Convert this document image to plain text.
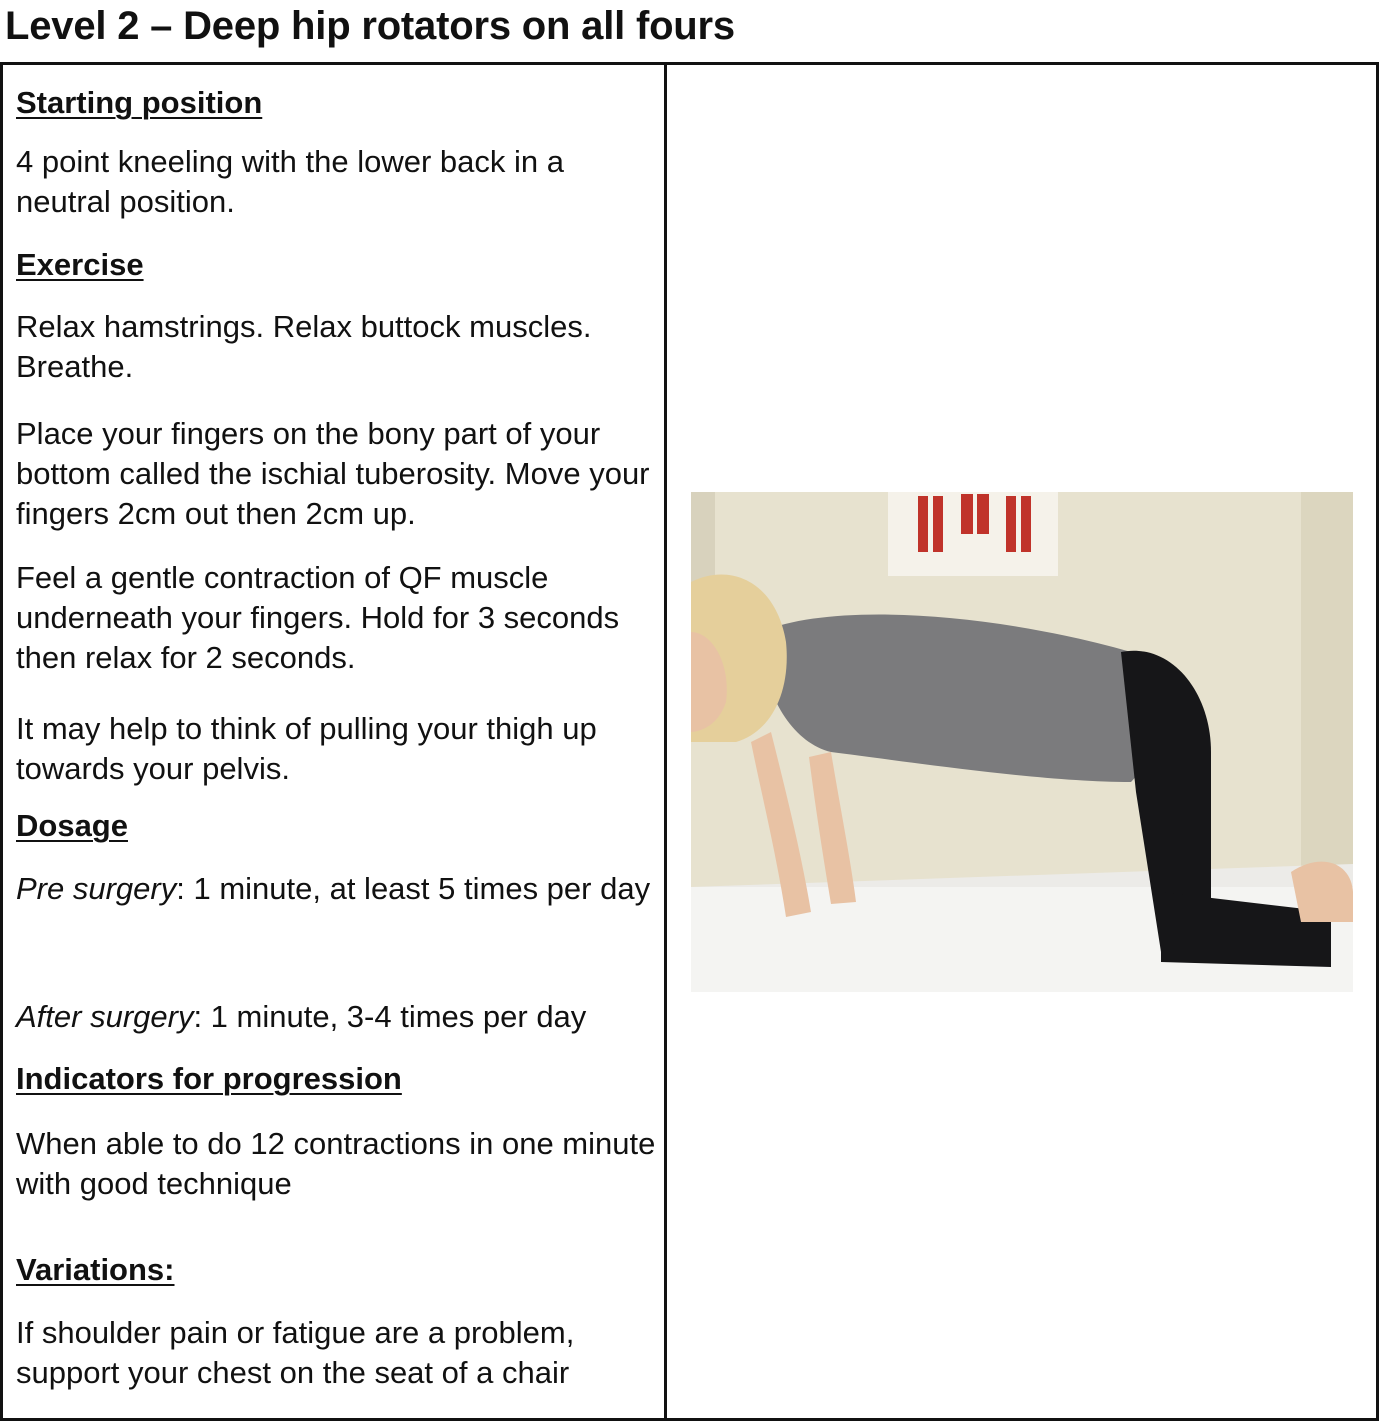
Level 2 – Deep hip rotators on all fours
Starting position

4 point kneeling with the lower back in a neutral position.

Exercise

Relax hamstrings. Relax buttock muscles. Breathe.

Place your fingers on the bony part of your bottom called the ischial tuberosity. Move your fingers 2cm out then 2cm up.

Feel a gentle contraction of QF muscle underneath your fingers. Hold for 3 seconds then relax for 2 seconds.

It may help to think of pulling your thigh up towards your pelvis.

Dosage

Pre surgery: 1 minute, at least 5 times per day

After surgery: 1 minute, 3-4 times per day

Indicators for progression

When able to do 12 contractions in one minute with good technique

Variations:

If shoulder pain or fatigue are a problem, support your chest on the seat of a chair
